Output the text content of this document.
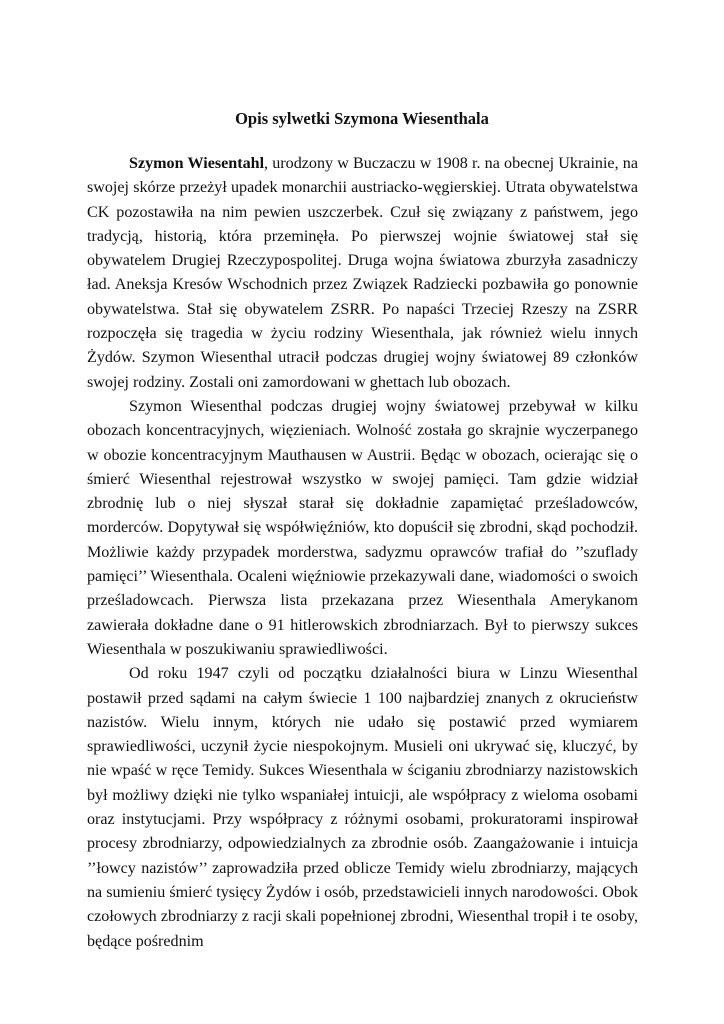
Opis sylwetki Szymona Wiesenthala

Szymon Wiesentahl, urodzony w Buczaczu w 1908 r. na obecnej Ukrainie, na swojej skórze przeżył upadek monarchii austriacko-węgierskiej. Utrata obywatelstwa CK pozostawiła na nim pewien uszczerbek. Czuł się związany z państwem, jego tradycją, historią, która przeminęła. Po pierwszej wojnie światowej stał się obywatelem Drugiej Rzeczypospolitej. Druga wojna światowa zburzyła zasadniczy ład. Aneksja Kresów Wschodnich przez Związek Radziecki pozbawiła go ponownie obywatelstwa. Stał się obywatelem ZSRR. Po napaści Trzeciej Rzeszy na ZSRR rozpoczęła się tragedia w życiu rodziny Wiesenthala, jak również wielu innych Żydów. Szymon Wiesenthal utracił podczas drugiej wojny światowej 89 członków swojej rodziny. Zostali oni zamordowani w ghettach lub obozach.

Szymon Wiesenthal podczas drugiej wojny światowej przebywał w kilku obozach koncentracyjnych, więzieniach. Wolność została go skrajnie wyczerpanego w obozie koncentracyjnym Mauthausen w Austrii. Będąc w obozach, ocierając się o śmierć Wiesenthal rejestrował wszystko w swojej pamięci. Tam gdzie widział zbrodnię lub o niej słyszał starał się dokładnie zapamiętać prześladowców, morderców. Dopytywał się współwięźniów, kto dopuścił się zbrodni, skąd pochodził. Możliwie każdy przypadek morderstwa, sadyzmu oprawców trafiał do ’’szuflady pamięci’’ Wiesenthala. Ocaleni więźniowie przekazywali dane, wiadomości o swoich prześladowcach. Pierwsza lista przekazana przez Wiesenthala Amerykanom zawierała dokładne dane o 91 hitlerowskich zbrodniarzach. Był to pierwszy sukces Wiesenthala w poszukiwaniu sprawiedliwości.

Od roku 1947 czyli od początku działalności biura w Linzu Wiesenthal postawił przed sądami na całym świecie 1 100 najbardziej znanych z okrucieństw nazistów. Wielu innym, których nie udało się postawić przed wymiarem sprawiedliwości, uczynił życie niespokojnym. Musieli oni ukrywać się, kluczyć, by nie wpaść w ręce Temidy. Sukces Wiesenthala w ściganiu zbrodniarzy nazistowskich był możliwy dzięki nie tylko wspaniałej intuicji, ale współpracy z wieloma osobami oraz instytucjami. Przy współpracy z różnymi osobami, prokuratorami inspirował procesy zbrodniarzy, odpowiedzialnych za zbrodnie osób. Zaangażowanie i intuicja ’’łowcy nazistów’’ zaprowadziła przed oblicze Temidy wielu zbrodniarzy, mających na sumieniu śmierć tysięcy Żydów i osób, przedstawicieli innych narodowości. Obok czołowych zbrodniarzy z racji skali popełnionej zbrodni, Wiesenthal tropił i te osoby, będące pośrednim
